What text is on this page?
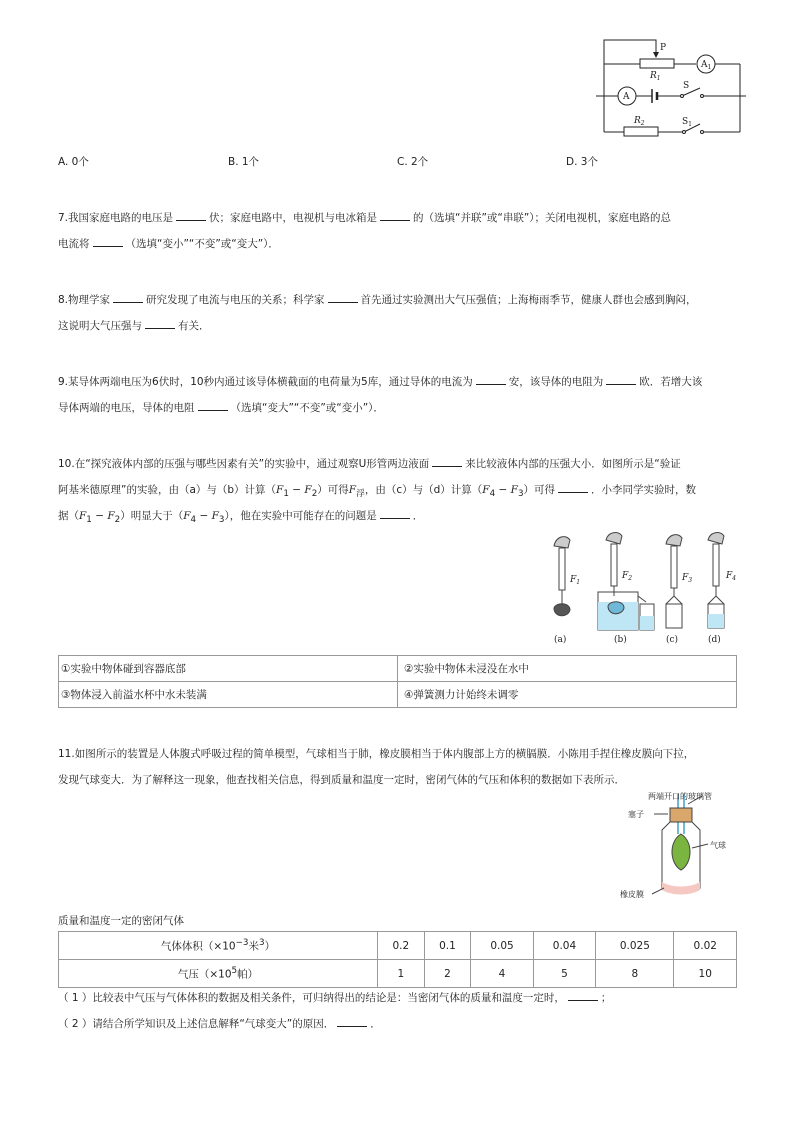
P
$R_1$
$A_1$
A
S
$R_2$	$S_1$
A. 0个	B. 1个	C. 2个	D. 3个
7.我国家庭电路的电压是	伏；家庭电路中，电视机与电冰箱是	的（选填“并联”或“串联”）；关闭电视机，家庭电路的总
电流将	（选填“变小”“不变”或“变大”）．
8.物理学家	研究发现了电流与电压的关系；科学家	首先通过实验测出大气压强值；上海梅雨季节，健康人群也会感到胸闷，
这说明大气压强与	有关．
9.某导体两端电压为6伏时，10秒内通过该导体横截面的电荷量为5库，通过导体的电流为	安，该导体的电阻为	欧．若增大该
导体两端的电压，导体的电阻	（选填“变大”“不变”或“变小”）．
10.在“探究液体内部的压强与哪些因素有关”的实验中，通过观察U形管两边液面	来比较液体内部的压强大小．如图所示是“验证
阿基米德原理”的实验，由（a）与（b）计算$(F_1 - F_2)$可得$F_浮$，由（c）与（d）计算$(F_4 - F_3)$可得	．小李同学实验时，数
据$(F_1 - F_2)$明显大于$(F_4 - F_3)$，他在实验中可能存在的问题是	．
$F_1$
$F_2$	$F_3$	$F_4$
(a)	(b)	(c)	(d)
①实验中物体碰到容器底部	②实验中物体未浸没在水中
③物体浸入前溢水杯中水未装满	④弹簧测力计始终未调零
11.如图所示的装置是人体腹式呼吸过程的简单模型，气球相当于肺，橡皮膜相当于体内腹部上方的横膈膜．小陈用手捏住橡皮膜向下拉，
发现气球变大．为了解释这一现象，他查找相关信息，得到质量和温度一定时，密闭气体的气压和体积的数据如下表所示．
两端开口的玻璃管
塞子
气球
橡皮膜
质量和温度一定的密闭气体
气体体积（$\times 10^{-3}$米$^3$）	0.2	0.1	0.05	0.04	0.025	0.02
气压（$\times 10^5$帕）	1	2	4	5	8	10
（ 1 ）比较表中气压与气体体积的数据及相关条件，可归纳得出的结论是：当密闭气体的质量和温度一定时，	；
（ 2 ）请结合所学知识及上述信息解释“气球变大”的原因．	．
